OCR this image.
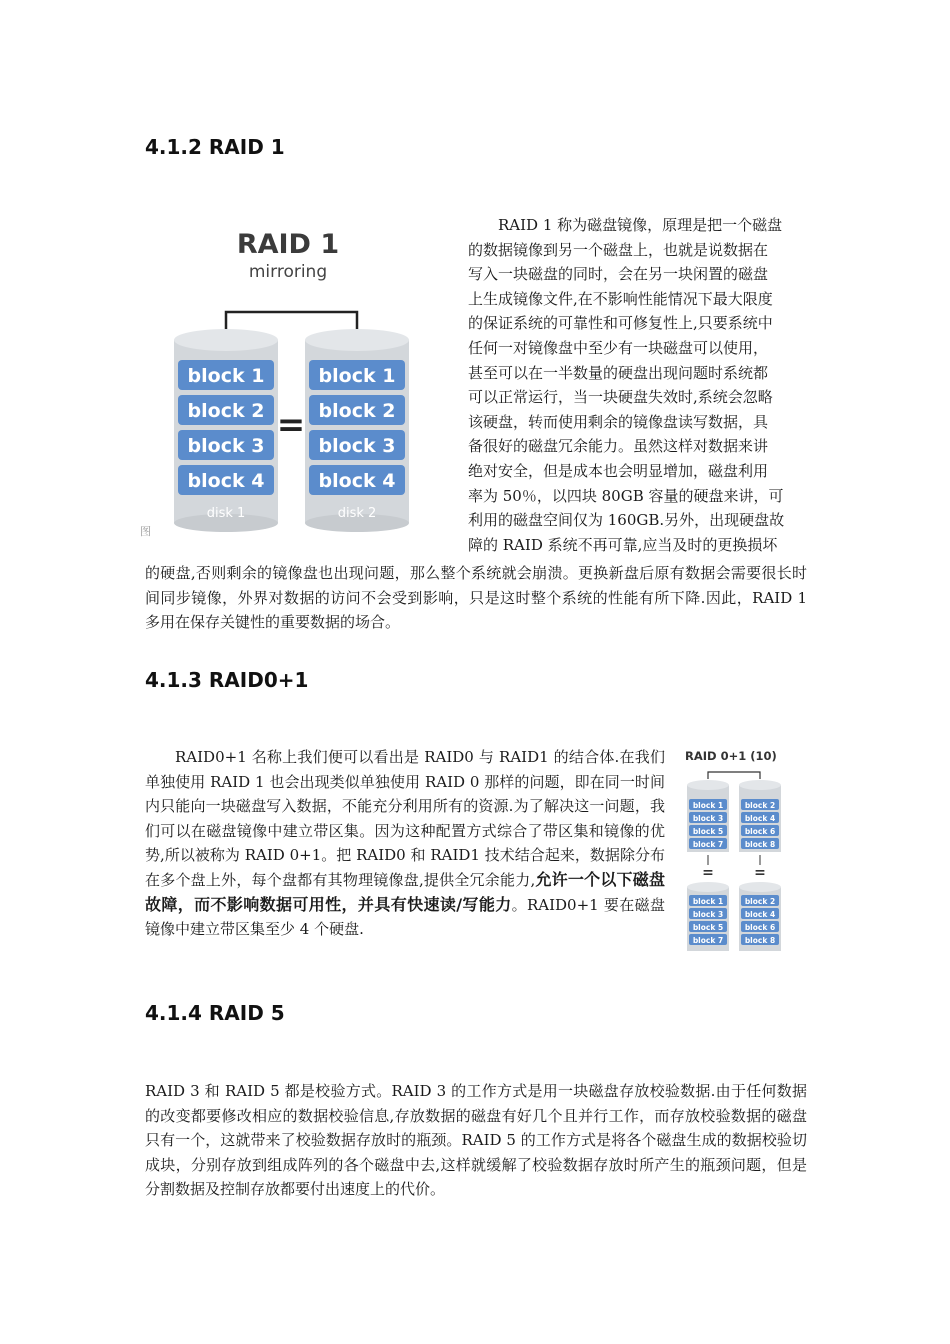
4.1.2 RAID 1
RAID 1
mirroring
block 1
block 2
block 3
block 4
disk 1
=
block 1
block 2
block 3
block 4
disk 2
图
RAID 1 称为磁盘镜像，原理是把一个磁盘
的数据镜像到另一个磁盘上，也就是说数据在
写入一块磁盘的同时，会在另一块闲置的磁盘
上生成镜像文件,在不影响性能情况下最大限度
的保证系统的可靠性和可修复性上,只要系统中
任何一对镜像盘中至少有一块磁盘可以使用，
甚至可以在一半数量的硬盘出现问题时系统都
可以正常运行，当一块硬盘失效时,系统会忽略
该硬盘，转而使用剩余的镜像盘读写数据，具
备很好的磁盘冗余能力。虽然这样对数据来讲
绝对安全，但是成本也会明显增加，磁盘利用
率为 50％，以四块 80GB 容量的硬盘来讲，可
利用的磁盘空间仅为 160GB.另外，出现硬盘故
障的 RAID 系统不再可靠,应当及时的更换损坏

的硬盘,否则剩余的镜像盘也出现问题，那么整个系统就会崩溃。更换新盘后原有数据会需要很长时间同步镜像，外界对数据的访问不会受到影响，只是这时整个系统的性能有所下降.因此，RAID 1 多用在保存关键性的重要数据的场合。

4.1.3 RAID0+1

RAID0+1 名称上我们便可以看出是 RAID0 与 RAID1 的结合体.在我们单独使用 RAID 1 也会出现类似单独使用 RAID 0 那样的问题，即在同一时间内只能向一块磁盘写入数据，不能充分利用所有的资源.为了解决这一问题，我们可以在磁盘镜像中建立带区集。因为这种配置方式综合了带区集和镜像的优势,所以被称为 RAID 0+1。把 RAID0 和 RAID1 技术结合起来，数据除分布在多个盘上外，每个盘都有其物理镜像盘,提供全冗余能力,允许一个以下磁盘故障，而不影响数据可用性，并具有快速读/写能力。RAID0+1 要在磁盘镜像中建立带区集至少 4 个硬盘.

RAID 0+1 (10)
block 1
block 3
block 5
block 7
block 2
block 4
block 6
block 8
=	=
block 1
block 3
block 5
block 7
block 2
block 4
block 6
block 8
4.1.4 RAID 5

RAID 3 和 RAID 5 都是校验方式。RAID 3 的工作方式是用一块磁盘存放校验数据.由于任何数据的改变都要修改相应的数据校验信息,存放数据的磁盘有好几个且并行工作，而存放校验数据的磁盘只有一个，这就带来了校验数据存放时的瓶颈。RAID 5 的工作方式是将各个磁盘生成的数据校验切成块，分别存放到组成阵列的各个磁盘中去,这样就缓解了校验数据存放时所产生的瓶颈问题，但是分割数据及控制存放都要付出速度上的代价。
